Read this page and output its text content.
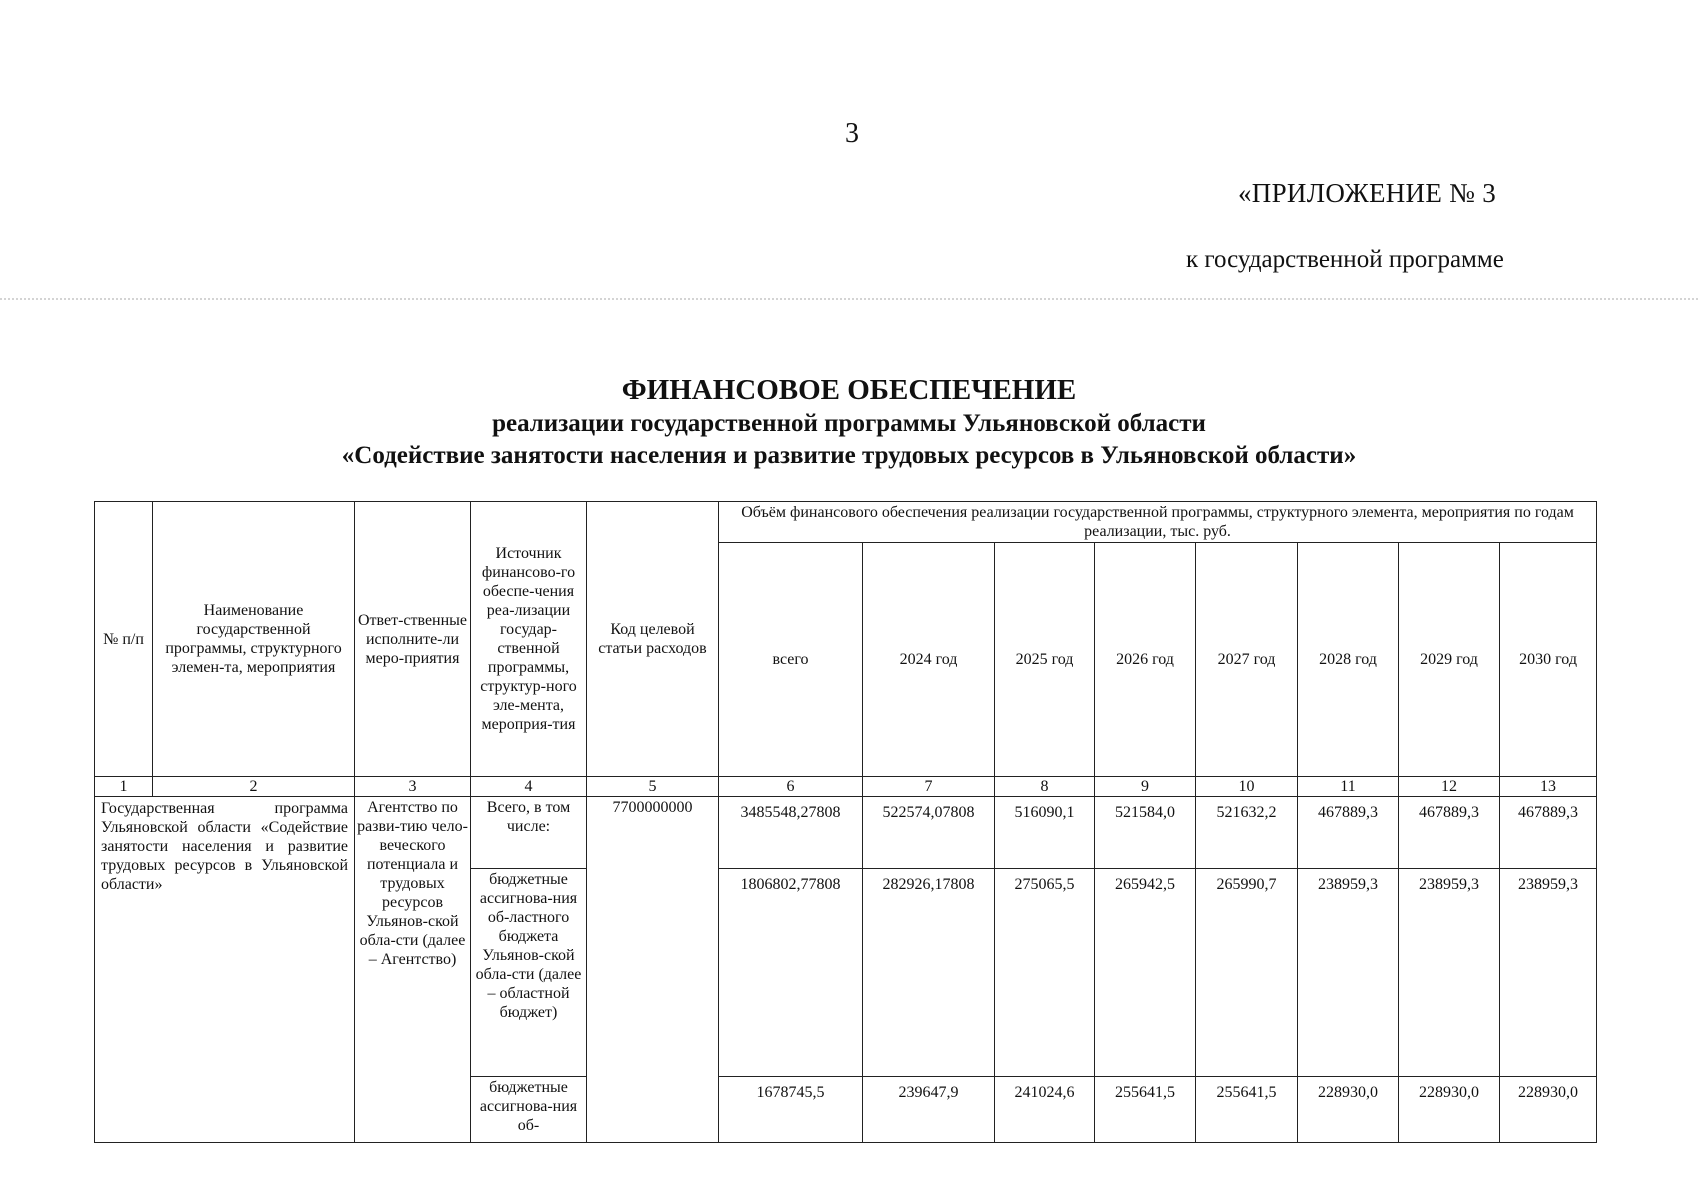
3
«ПРИЛОЖЕНИЕ № 3
к государственной программе
ФИНАНСОВОЕ ОБЕСПЕЧЕНИЕ
реализации государственной программы Ульяновской области
«Содействие занятости населения и развитие трудовых ресурсов в Ульяновской области»
№ п/п	Наименование государственной программы, структурного элемен-та, мероприятия	Ответ-ственные исполните-ли меро-приятия	Источник финансово-го обеспе-чения реа-лизации государ-ственной программы, структур-ного эле-мента, мероприя-тия	Код целевой статьи расходов	Объём финансового обеспечения реализации государственной программы, структурного элемента, мероприятия по годам реализации, тыс. руб.							
					всего	2024 год	2025 год	2026 год	2027 год	2028 год	2029 год	2030 год
1	2	3	4	5	6	7	8	9	10	11	12	13
Государственная программа Ульяновской области «Содействие занятости населения и развитие трудовых ресурсов в Ульяновской области»		Агентство по разви-тию чело-веческого потенциала и трудовых ресурсов Ульянов-ской обла-сти (далее – Агентство)	Всего, в том числе:	7700000000	3485548,27808	522574,07808	516090,1	521584,0	521632,2	467889,3	467889,3	467889,3
			бюджетные ассигнова-ния об-ластного бюджета Ульянов-ской обла-сти (далее – областной бюджет)		1806802,77808	282926,17808	275065,5	265942,5	265990,7	238959,3	238959,3	238959,3
			бюджетные ассигнова-ния об-		1678745,5	239647,9	241024,6	255641,5	255641,5	228930,0	228930,0	228930,0
